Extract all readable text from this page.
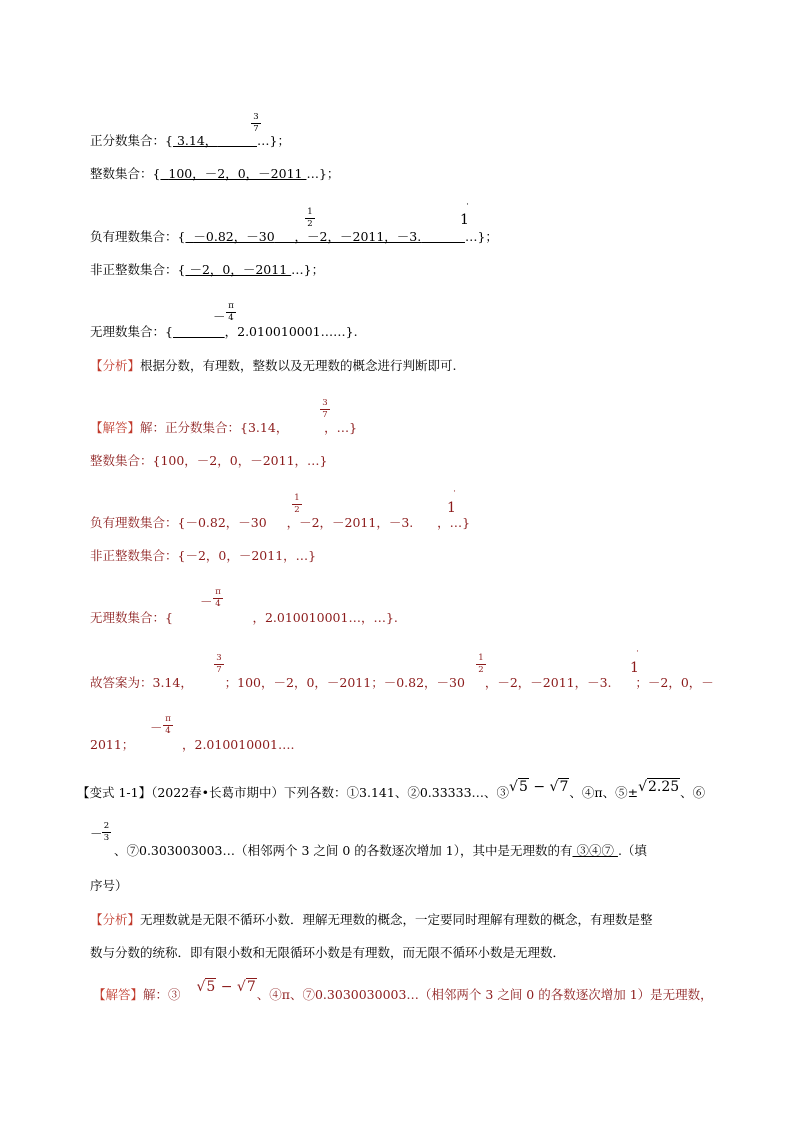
3
7
正分数集合：{ 3.14，	…}；
整数集合：{ 100，－2，0，－2011 …}；
1
2
˙
1
负有理数集合：{ －0.82，－30 ，－2，－2011，－3.	…}；
非正整数集合：{ －2，0，－2011 …}；
－
π
4
无理数集合：{	，2.010010001……}.
【分析】根据分数，有理数，整数以及无理数的概念进行判断即可.
3
7
【解答】解：正分数集合：{3.14，	，…}
整数集合：{100，－2，0，－2011，…}
1
2
˙
1
负有理数集合：{－0.82，－30 ，－2，－2011，－3. ，…}
非正整数集合：{－2，0，－2011，…}
－
π
4
无理数集合：{	，2.010010001…，…}.
3
7
1
2
˙
1
故答案为：3.14，	；100，－2，0，－2011；－0.82，－30 ，－2，－2011，－3. ；－2，0，－
－
π
4
2011；	，2.010010001….
【变式 1-1】（2022春•长葛市期中）下列各数：①3.141、②0.33333…、③√5 − √7、④π、⑤±√2.25、⑥
－ 2
3
、⑦0.303003003…（相邻两个 3 之间 0 的各数逐次增加 1），其中是无理数的有 ③④⑦ .（填
序号）
【分析】无理数就是无限不循环小数．理解无理数的概念，一定要同时理解有理数的概念，有理数是整
数与分数的统称．即有限小数和无限循环小数是有理数，而无限不循环小数是无理数．
【解答】解：③ √5 − √7、④π、⑦0.3030030003…（相邻两个 3 之间 0 的各数逐次增加 1）是无理数，
